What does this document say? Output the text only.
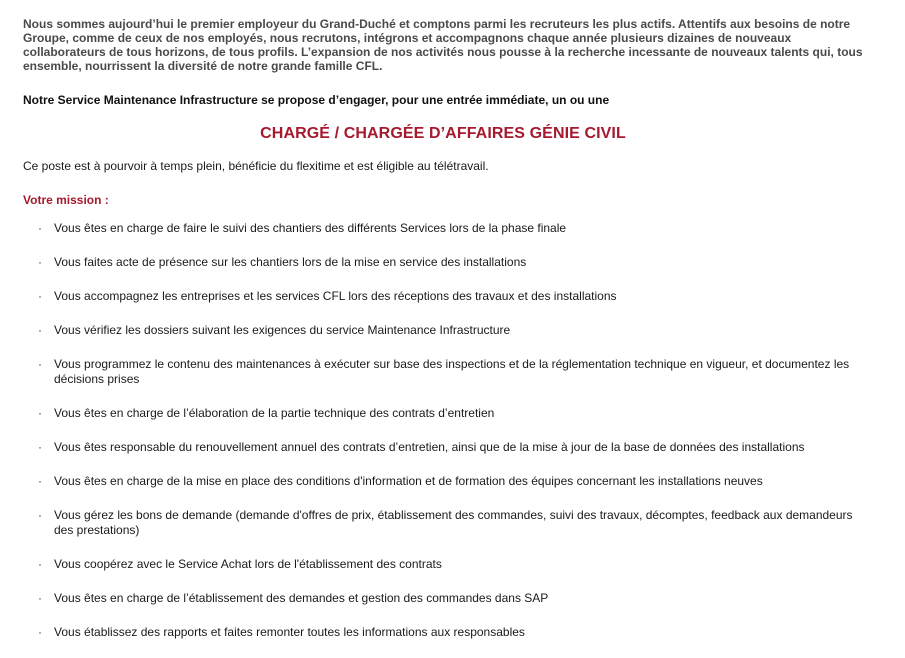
Nous sommes aujourd’hui le premier employeur du Grand-Duché et comptons parmi les recruteurs les plus actifs. Attentifs aux besoins de notre Groupe, comme de ceux de nos employés, nous recrutons, intégrons et accompagnons chaque année plusieurs dizaines de nouveaux collaborateurs de tous horizons, de tous profils. L’expansion de nos activités nous pousse à la recherche incessante de nouveaux talents qui, tous ensemble, nourrissent la diversité de notre grande famille CFL.

Notre Service Maintenance Infrastructure se propose d’engager, pour une entrée immédiate, un ou une

CHARGÉ / CHARGÉE D’AFFAIRES GÉNIE CIVIL

Ce poste est à pourvoir à temps plein, bénéficie du flexitime et est éligible au télétravail.

Votre mission :
· Vous êtes en charge de faire le suivi des chantiers des différents Services lors de la phase finale
· Vous faites acte de présence sur les chantiers lors de la mise en service des installations
· Vous accompagnez les entreprises et les services CFL lors des réceptions des travaux et des installations
· Vous vérifiez les dossiers suivant les exigences du service Maintenance Infrastructure
· Vous programmez le contenu des maintenances à exécuter sur base des inspections et de la réglementation technique en vigueur, et documentez les décisions prises
· Vous êtes en charge de l’élaboration de la partie technique des contrats d’entretien
· Vous êtes responsable du renouvellement annuel des contrats d’entretien, ainsi que de la mise à jour de la base de données des installations
· Vous êtes en charge de la mise en place des conditions d'information et de formation des équipes concernant les installations neuves
· Vous gérez les bons de demande (demande d'offres de prix, établissement des commandes, suivi des travaux, décomptes, feedback aux demandeurs des prestations)
· Vous coopérez avec le Service Achat lors de l'établissement des contrats
· Vous êtes en charge de l’établissement des demandes et gestion des commandes dans SAP
· Vous établissez des rapports et faites remonter toutes les informations aux responsables
